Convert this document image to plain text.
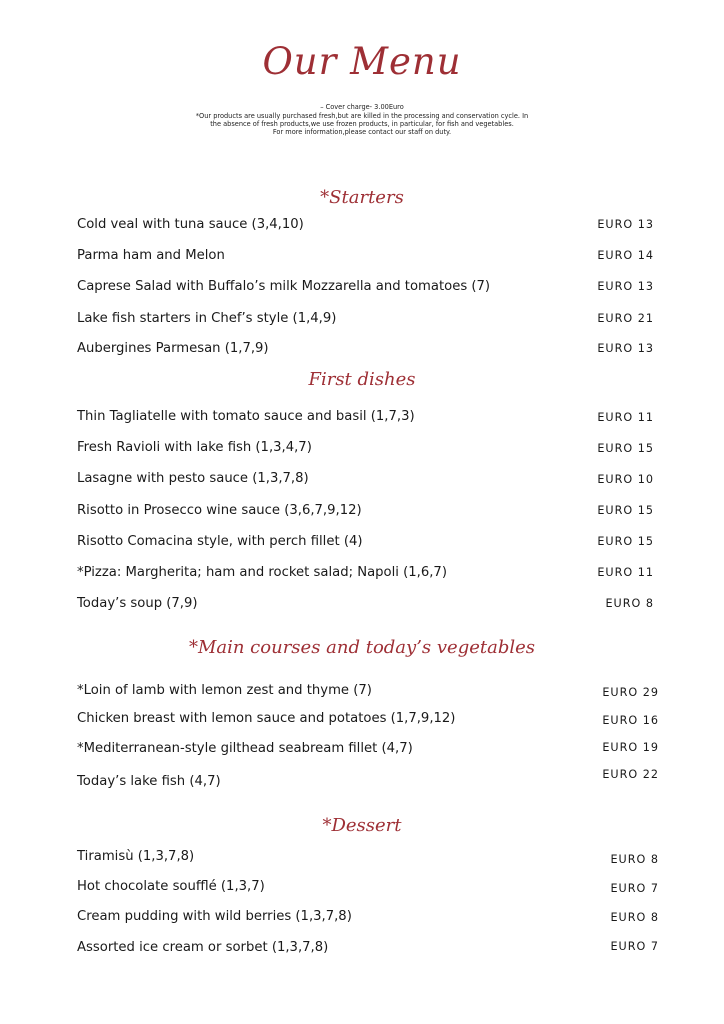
Our Menu
– Cover charge- 3.00Euro
*Our products are usually purchased fresh,but are killed in the processing and conservation cycle. In
the absence of fresh products,we use frozen products, in particular, for fish and vegetables.
For more information,please contact our staff on duty.
*Starters
Cold veal with tuna sauce (3,4,10)	EURO 13
Parma ham and Melon	EURO 14
Caprese Salad with Buffalo’s milk Mozzarella and tomatoes (7)	EURO 13
Lake fish starters in Chef’s style (1,4,9)	EURO 21
Aubergines Parmesan (1,7,9)	EURO 13
First dishes
Thin Tagliatelle with tomato sauce and basil (1,7,3)	EURO 11
Fresh Ravioli with lake fish (1,3,4,7)	EURO 15
Lasagne with pesto sauce (1,3,7,8)	EURO 10
Risotto in Prosecco wine sauce (3,6,7,9,12)	EURO 15
Risotto Comacina style, with perch fillet (4)	EURO 15
*Pizza: Margherita; ham and rocket salad; Napoli (1,6,7)	EURO 11
Today’s soup (7,9)	EURO 8
*Main courses and today’s vegetables
*Loin of lamb with lemon zest and thyme (7)	EURO 29
Chicken breast with lemon sauce and potatoes (1,7,9,12)	EURO 16
*Mediterranean-style gilthead seabream fillet (4,7)	EURO 19
Today’s lake fish (4,7)	EURO 22
*Dessert
Tiramisù (1,3,7,8)	EURO 8
Hot chocolate soufflé (1,3,7)	EURO 7
Cream pudding with wild berries (1,3,7,8)	EURO 8
Assorted ice cream or sorbet (1,3,7,8)	EURO 7
